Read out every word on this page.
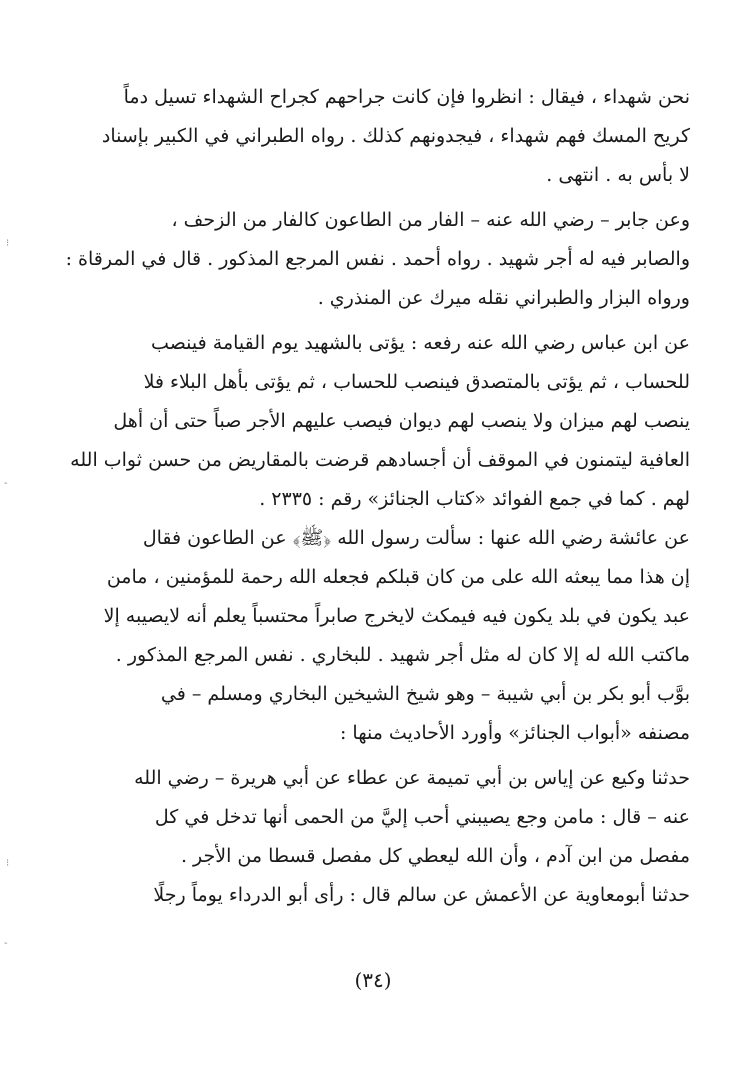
⁝
‐
⁝
‐
نحن شهداء ، فيقال : انظروا فإن كانت جراحهم كجراح الشهداء تسيل دماً
كريح المسك فهم شهداء ، فيجدونهم كذلك . رواه الطبراني في الكبير بإسناد
لا بأس به . انتهى .
وعن جابر – رضي الله عنه – الفار من الطاعون كالفار من الزحف ،
والصابر فيه له أجر شهيد . رواه أحمد . نفس المرجع المذكور . قال في المرقاة :
ورواه البزار والطبراني نقله ميرك عن المنذري .
عن ابن عباس رضي الله عنه رفعه : يؤتى بالشهيد يوم القيامة فينصب
للحساب ، ثم يؤتى بالمتصدق فينصب للحساب ، ثم يؤتى بأهل البلاء فلا
ينصب لهم ميزان ولا ينصب لهم ديوان فيصب عليهم الأجر صباً حتى أن أهل
العافية ليتمنون في الموقف أن أجسادهم قرضت بالمقاريض من حسن ثواب الله
لهم . كما في جمع الفوائد «كتاب الجنائز» رقم : ٢٣٣٥ .
عن عائشة رضي الله عنها : سألت رسول الله ﴿ﷺ﴾ عن الطاعون فقال
إن هذا مما يبعثه الله على من كان قبلكم فجعله الله رحمة للمؤمنين ، مامن
عبد يكون في بلد يكون فيه فيمكث لايخرج صابراً محتسباً يعلم أنه لايصيبه إلا
ماكتب الله له إلا كان له مثل أجر شهيد . للبخاري . نفس المرجع المذكور .
بوَّب أبو بكر بن أبي شيبة – وهو شيخ الشيخين البخاري ومسلم – في
مصنفه «أبواب الجنائز» وأورد الأحاديث منها :
حدثنا وكيع عن إياس بن أبي تميمة عن عطاء عن أبي هريرة – رضي الله
عنه – قال : مامن وجع يصيبني أحب إليَّ من الحمى أنها تدخل في كل
مفصل من ابن آدم ، وأن الله ليعطي كل مفصل قسطا من الأجر .
حدثنا أبومعاوية عن الأعمش عن سالم قال : رأى أبو الدرداء يوماً رجلًا
(٣٤)
